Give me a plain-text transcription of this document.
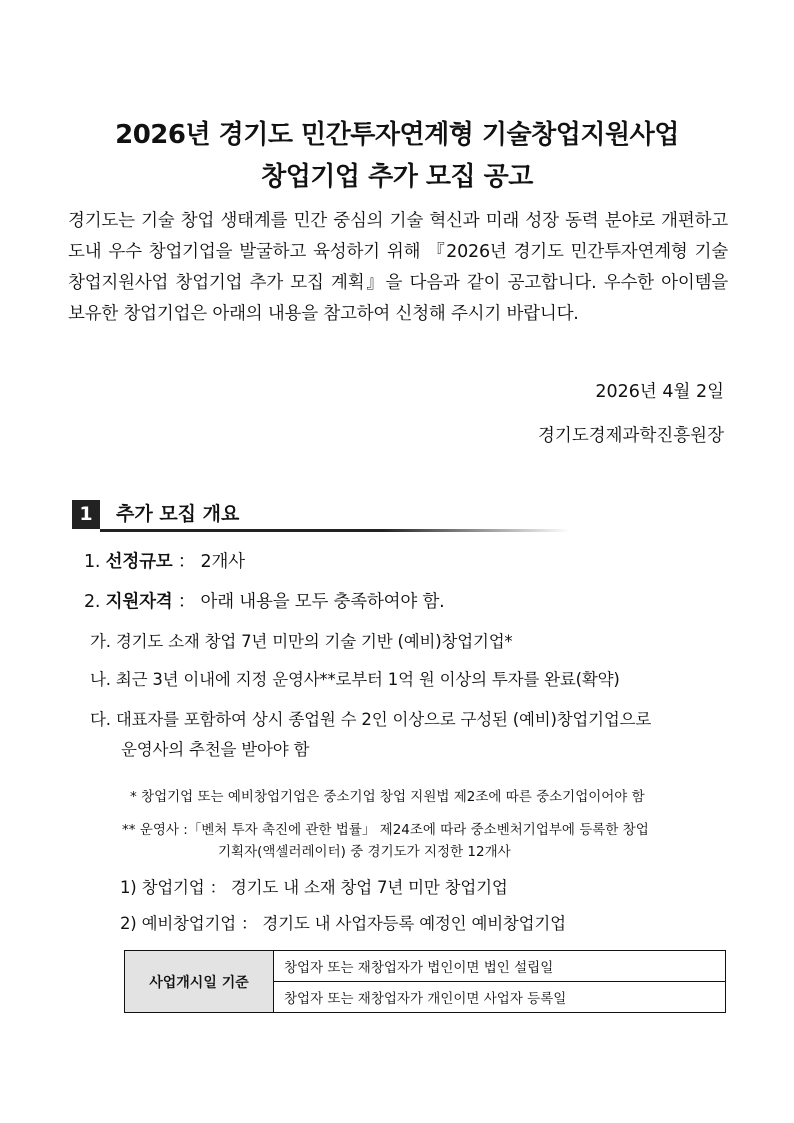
2026년 경기도 민간투자연계형 기술창업지원사업
창업기업 추가 모집 공고
경기도는 기술 창업 생태계를 민간 중심의 기술 혁신과 미래 성장 동력 분야로 개편하고 도내 우수 창업기업을 발굴하고 육성하기 위해 『2026년 경기도 민간투자연계형 기술창업지원사업 창업기업 추가 모집 계획』을 다음과 같이 공고합니다. 우수한 아이템을 보유한 창업기업은 아래의 내용을 참고하여 신청해 주시기 바랍니다.
2026년 4월 2일
경기도경제과학진흥원장
1	추가 모집 개요
1. 선정규모 ： 2개사
2. 지원자격 ： 아래 내용을 모두 충족하여야 함.
가. 경기도 소재 창업 7년 미만의 기술 기반 (예비)창업기업*
나. 최근 3년 이내에 지정 운영사**로부터 1억 원 이상의 투자를 완료(확약)
다. 대표자를 포함하여 상시 종업원 수 2인 이상으로 구성된 (예비)창업기업으로
운영사의 추천을 받아야 함
* 창업기업 또는 예비창업기업은 중소기업 창업 지원법 제2조에 따른 중소기업이어야 함
** 운영사 :「벤처 투자 촉진에 관한 법률」 제24조에 따라 중소벤처기업부에 등록한 창업
기획자(액셀러레이터) 중 경기도가 지정한 12개사
1) 창업기업 ： 경기도 내 소재 창업 7년 미만 창업기업
2) 예비창업기업 ： 경기도 내 사업자등록 예정인 예비창업기업
사업개시일 기준	창업자 또는 재창업자가 법인이면 법인 설립일
창업자 또는 재창업자가 개인이면 사업자 등록일
